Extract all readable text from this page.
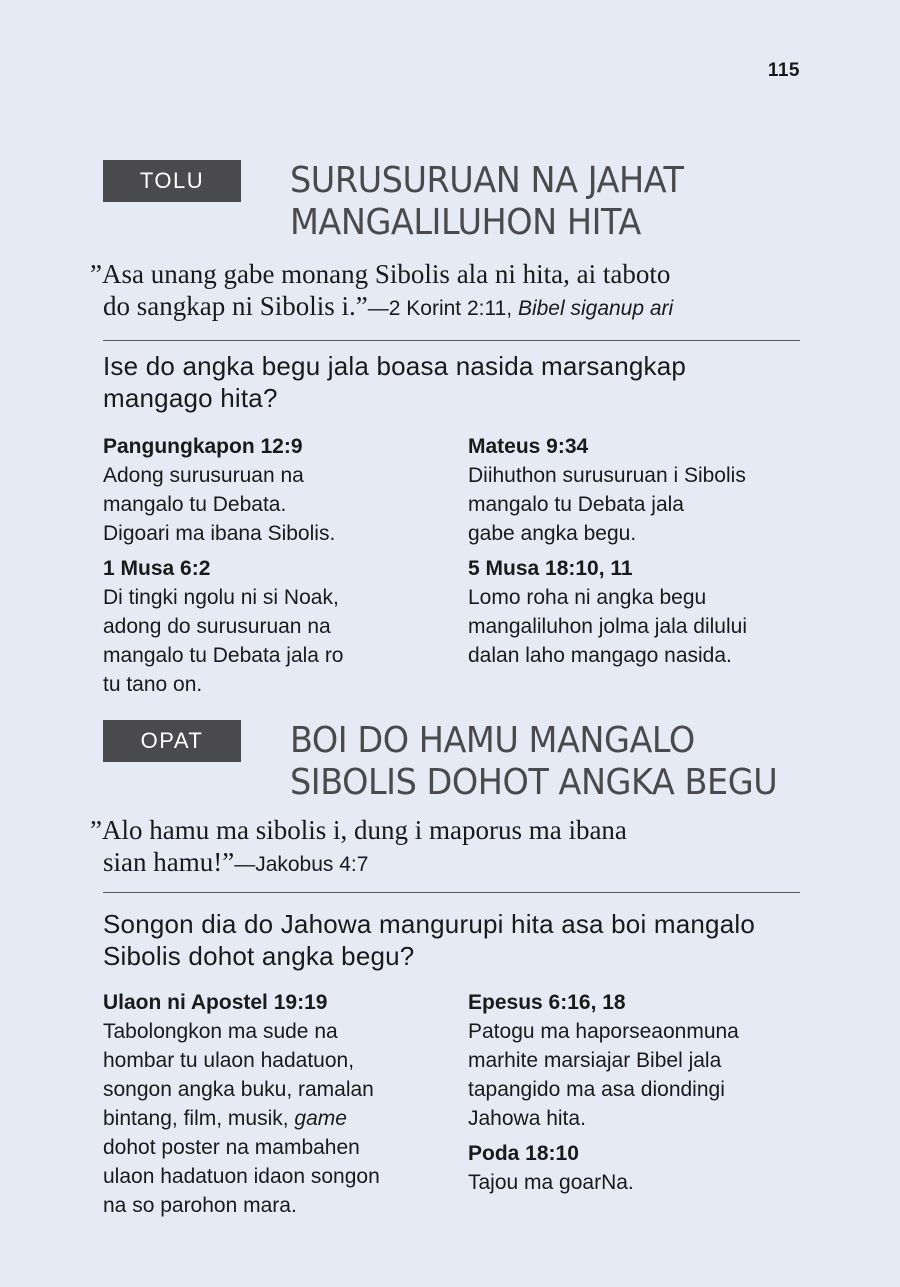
115
TOLU	SURUSURUAN NA JAHAT
MANGALILUHON HITA
”Asa unang gabe monang Sibolis ala ni hita, ai taboto
do sangkap ni Sibolis i.”—2 Korint 2:11, Bibel siganup ari
Ise do angka begu jala boasa nasida marsangkap
mangago hita?
Pangungkapon 12:9
Adong surusuruan na
mangalo tu Debata.
Digoari ma ibana Sibolis.
1 Musa 6:2
Di tingki ngolu ni si Noak,
adong do surusuruan na
mangalo tu Debata jala ro
tu tano on.
Mateus 9:34
Diihuthon surusuruan i Sibolis
mangalo tu Debata jala
gabe angka begu.
5 Musa 18:10, 11
Lomo roha ni angka begu
mangaliluhon jolma jala dilului
dalan laho mangago nasida.
OPAT	BOI DO HAMU MANGALO
SIBOLIS DOHOT ANGKA BEGU
”Alo hamu ma sibolis i, dung i maporus ma ibana
sian hamu!”—Jakobus 4:7
Songon dia do Jahowa mangurupi hita asa boi mangalo
Sibolis dohot angka begu?
Ulaon ni Apostel 19:19
Tabolongkon ma sude na
hombar tu ulaon hadatuon,
songon angka buku, ramalan
bintang, film, musik, game
dohot poster na mambahen
ulaon hadatuon idaon songon
na so parohon mara.
Epesus 6:16, 18
Patogu ma haporseaonmuna
marhite marsiajar Bibel jala
tapangido ma asa diondingi
Jahowa hita.
Poda 18:10
Tajou ma goarNa.
